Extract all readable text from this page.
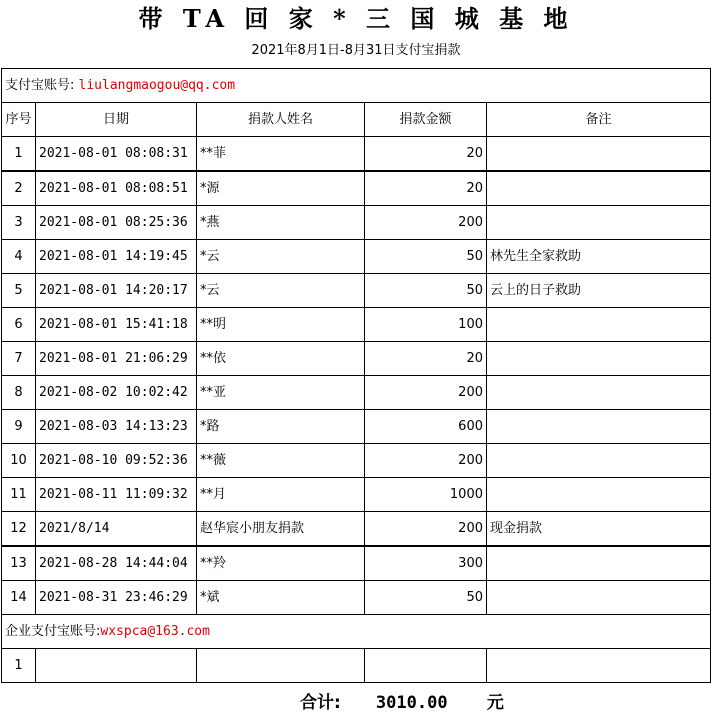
带 TA 回 家 * 三 国 城 基 地
2021年8月1日-8月31日支付宝捐款
支付宝账号: liulangmaogou@qq.com				
序号	日期	捐款人姓名	捐款金额	备注
1	2021-08-01 08:08:31	**菲	20	
2	2021-08-01 08:08:51	*源	20	
3	2021-08-01 08:25:36	*燕	200	
4	2021-08-01 14:19:45	*云	50	林先生全家救助
5	2021-08-01 14:20:17	*云	50	云上的日子救助
6	2021-08-01 15:41:18	**明	100	
7	2021-08-01 21:06:29	**依	20	
8	2021-08-02 10:02:42	**亚	200	
9	2021-08-03 14:13:23	*路	600	
10	2021-08-10 09:52:36	**薇	200	
11	2021-08-11 11:09:32	**月	1000	
12	2021/8/14	赵华宸小朋友捐款	200	现金捐款
13	2021-08-28 14:44:04	**羚	300	
14	2021-08-31 23:46:29	*斌	50	
企业支付宝账号:wxspca@163.com				
1				
合计: 3010.00 元
